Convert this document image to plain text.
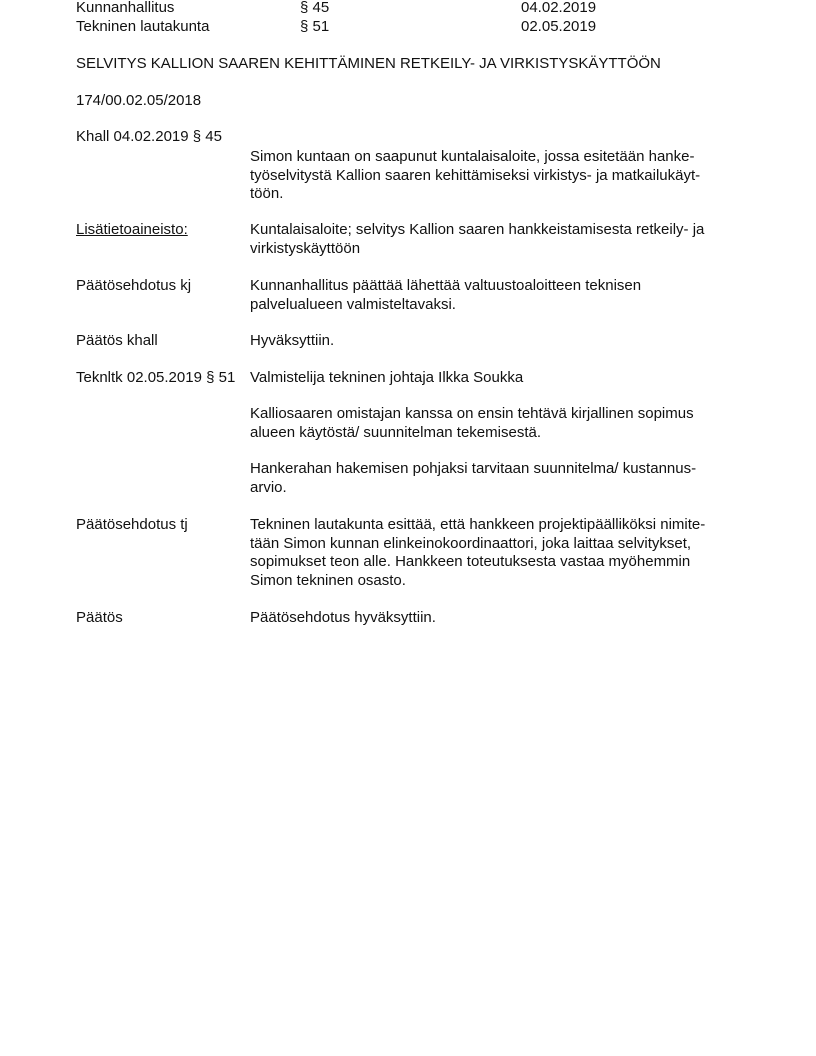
Kunnanhallitus	§ 45	04.02.2019
Tekninen lautakunta	§ 51	02.05.2019
SELVITYS KALLION SAAREN KEHITTÄMINEN RETKEILY- JA VIRKISTYSKÄYTTÖÖN
174/00.02.05/2018
Khall 04.02.2019 § 45
Simon kuntaan on saapunut kuntalaisaloite, jossa esitetään hanke-
työselvitystä Kallion saaren kehittämiseksi virkistys- ja matkailukäyt-
töön.
Lisätietoaineisto:	Kuntalaisaloite; selvitys Kallion saaren hankkeistamisesta retkeily- ja
virkistyskäyttöön
Päätösehdotus kj	Kunnanhallitus päättää lähettää valtuustoaloitteen teknisen
palvelualueen valmisteltavaksi.
Päätös khall	Hyväksyttiin.
Teknltk 02.05.2019 § 51 Valmistelija tekninen johtaja Ilkka Soukka
Kalliosaaren omistajan kanssa on ensin tehtävä kirjallinen sopimus
alueen käytöstä/ suunnitelman tekemisestä.
Hankerahan hakemisen pohjaksi tarvitaan suunnitelma/ kustannus-
arvio.
Päätösehdotus tj	Tekninen lautakunta esittää, että hankkeen projektipäälliköksi nimite-
tään Simon kunnan elinkeinokoordinaattori, joka laittaa selvitykset,
sopimukset teon alle. Hankkeen toteutuksesta vastaa myöhemmin
Simon tekninen osasto.
Päätös	Päätösehdotus hyväksyttiin.
